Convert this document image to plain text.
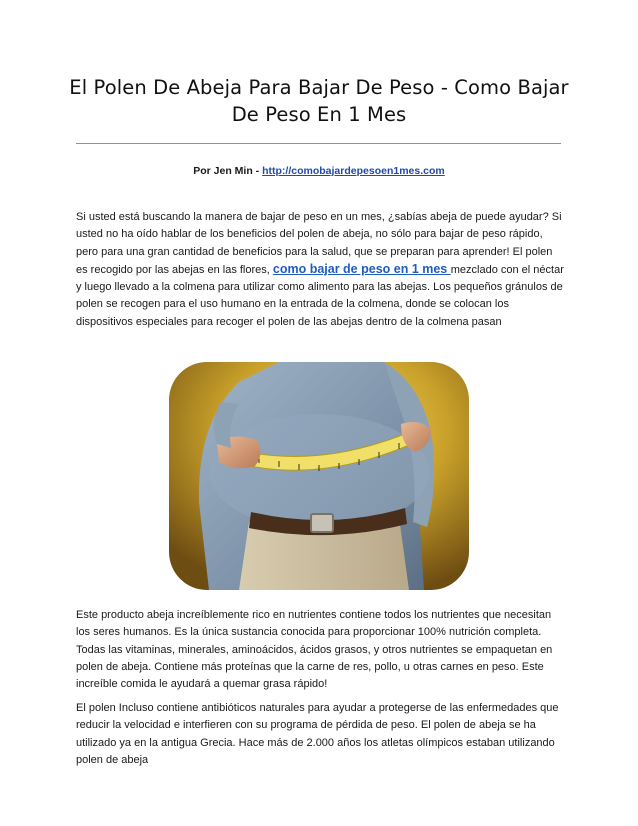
El Polen De Abeja Para Bajar De Peso - Como Bajar De Peso En 1 Mes
Por Jen Min - http://comobajardepesoen1mes.com
Si usted está buscando la manera de bajar de peso en un mes, ¿sabías abeja de puede ayudar? Si usted no ha oído hablar de los beneficios del polen de abeja, no sólo para bajar de peso rápido, pero para una gran cantidad de beneficios para la salud, que se preparan para aprender! El polen es recogido por las abejas en las flores, como bajar de peso en 1 mes mezclado con el néctar y luego llevado a la colmena para utilizar como alimento para las abejas. Los pequeños gránulos de polen se recogen para el uso humano en la entrada de la colmena, donde se colocan los dispositivos especiales para recoger el polen de las abejas dentro de la colmena pasan
Este producto abeja increíblemente rico en nutrientes contiene todos los nutrientes que necesitan los seres humanos. Es la única sustancia conocida para proporcionar 100% nutrición completa. Todas las vitaminas, minerales, aminoácidos, ácidos grasos, y otros nutrientes se empaquetan en polen de abeja. Contiene más proteínas que la carne de res, pollo, u otras carnes en peso. Este increíble comida le ayudará a quemar grasa rápido!
El polen Incluso contiene antibióticos naturales para ayudar a protegerse de las enfermedades que reducir la velocidad e interfieren con su programa de pérdida de peso. El polen de abeja se ha utilizado ya en la antigua Grecia. Hace más de 2.000 años los atletas olímpicos estaban utilizando polen de abeja
